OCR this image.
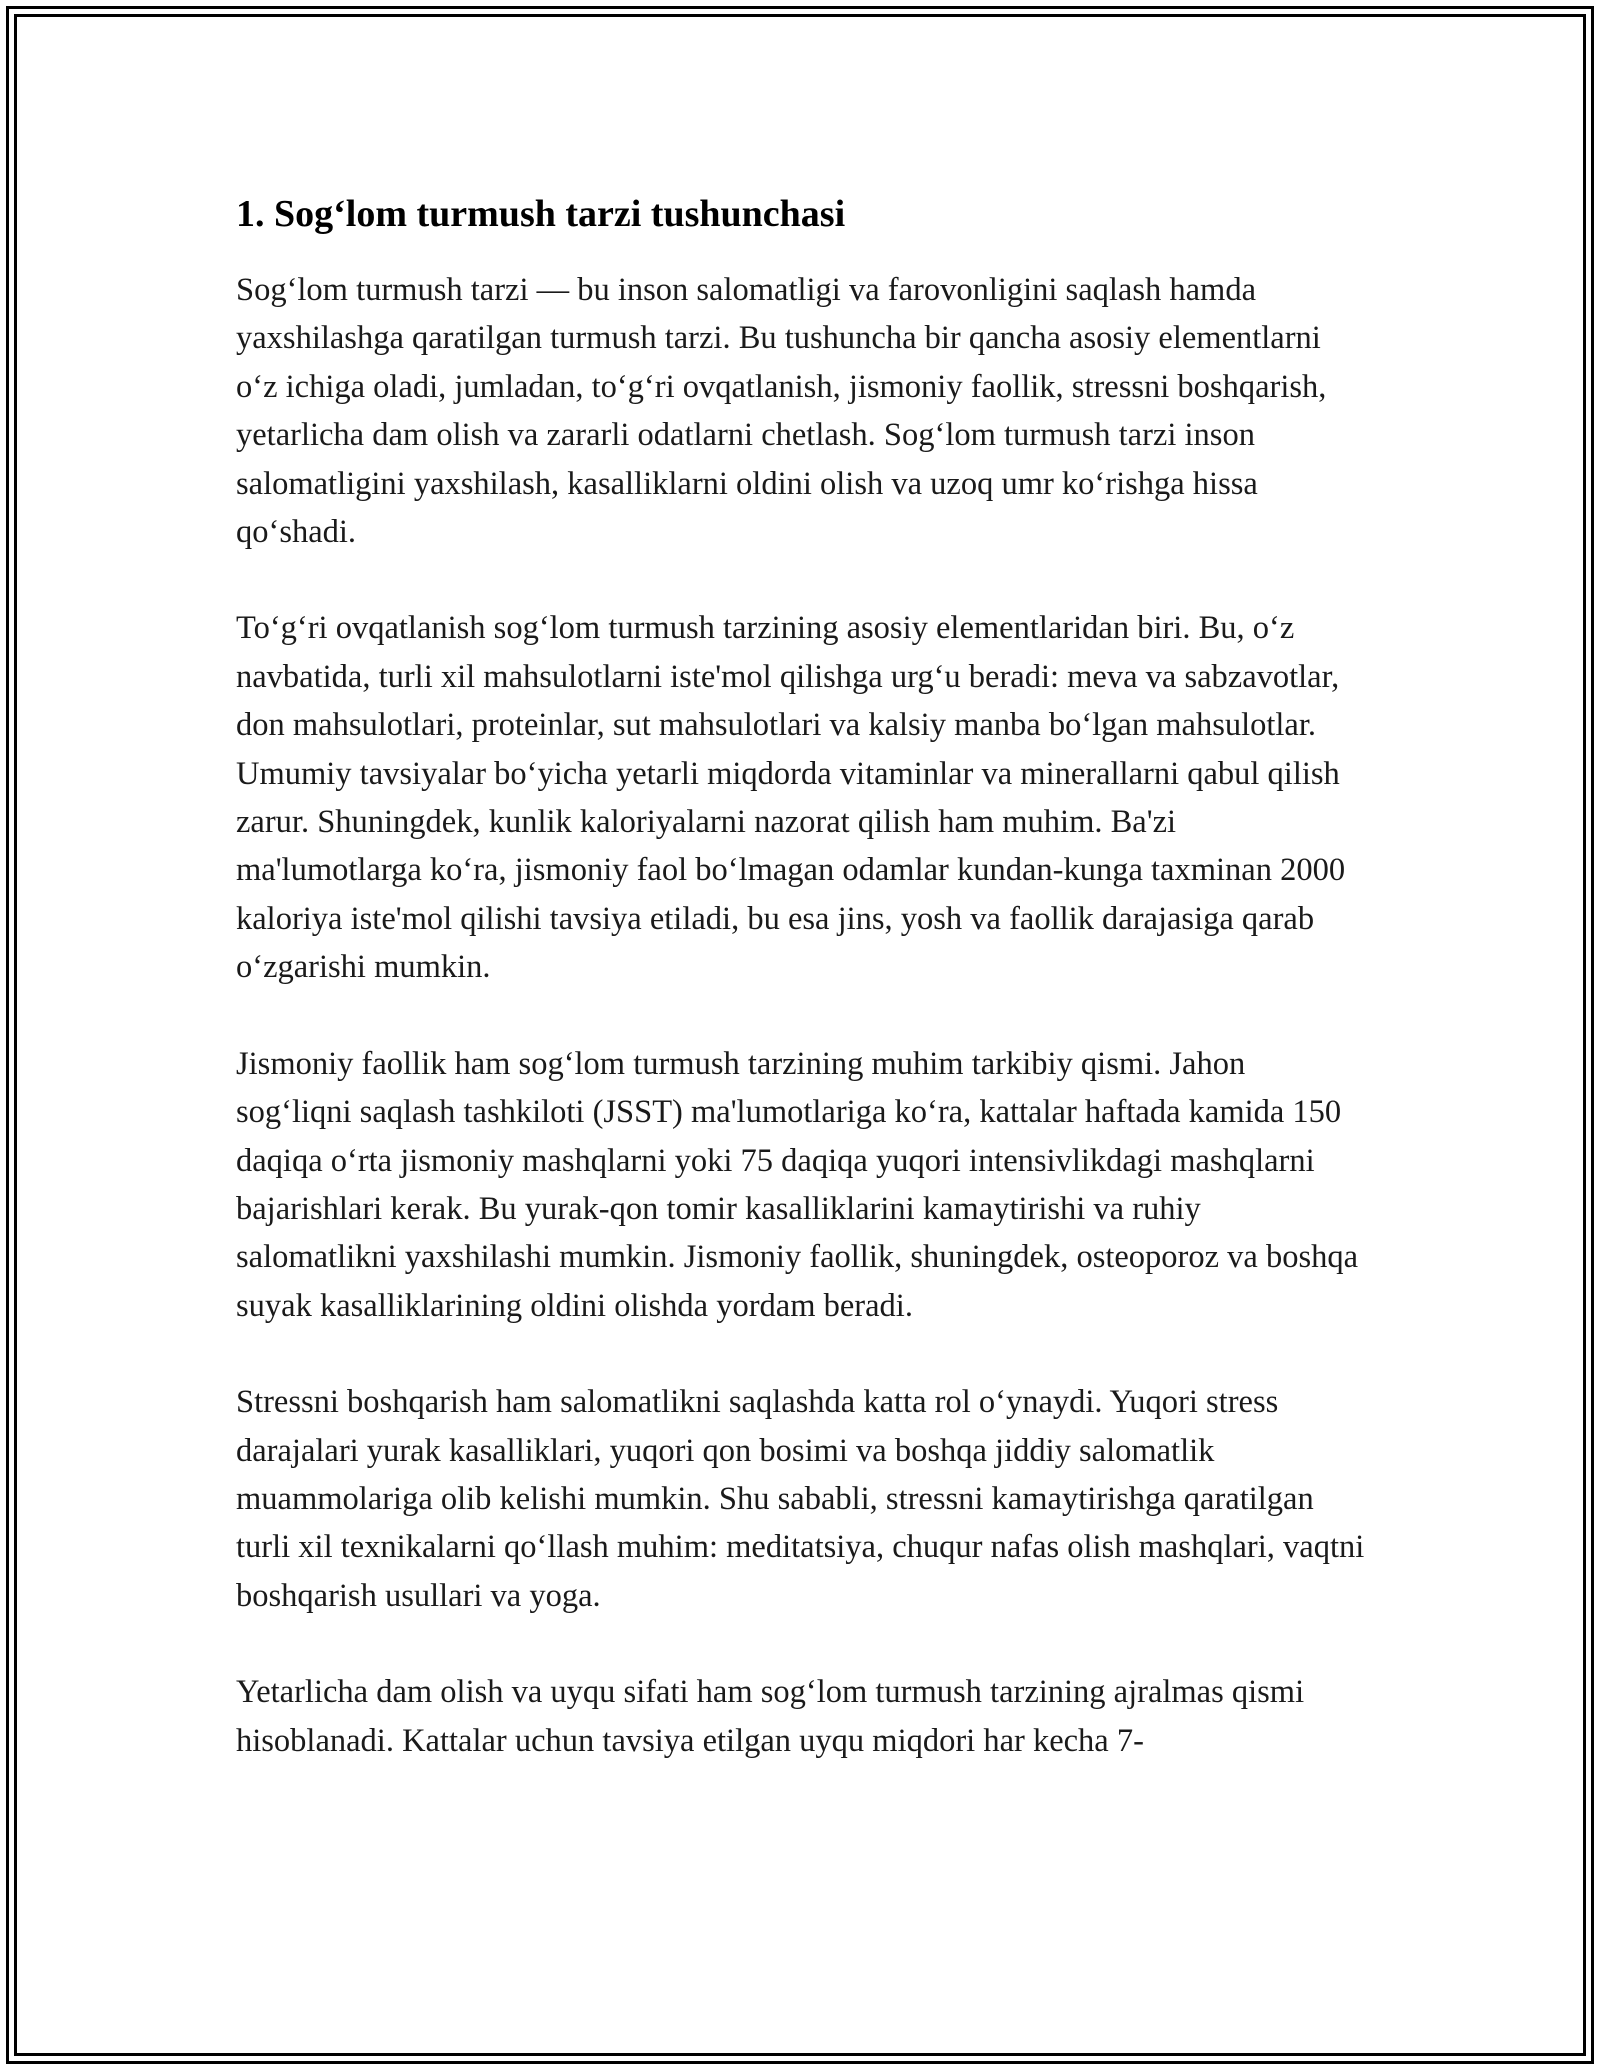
1. Sog‘lom turmush tarzi tushunchasi

Sog‘lom turmush tarzi — bu inson salomatligi va farovonligini saqlash hamda yaxshilashga qaratilgan turmush tarzi. Bu tushuncha bir qancha asosiy elementlarni o‘z ichiga oladi, jumladan, to‘g‘ri ovqatlanish, jismoniy faollik, stressni boshqarish, yetarlicha dam olish va zararli odatlarni chetlash. Sog‘lom turmush tarzi inson salomatligini yaxshilash, kasalliklarni oldini olish va uzoq umr ko‘rishga hissa qo‘shadi.

To‘g‘ri ovqatlanish sog‘lom turmush tarzining asosiy elementlaridan biri. Bu, o‘z navbatida, turli xil mahsulotlarni iste'mol qilishga urg‘u beradi: meva va sabzavotlar, don mahsulotlari, proteinlar, sut mahsulotlari va kalsiy manba bo‘lgan mahsulotlar. Umumiy tavsiyalar bo‘yicha yetarli miqdorda vitaminlar va minerallarni qabul qilish zarur. Shuningdek, kunlik kaloriyalarni nazorat qilish ham muhim. Ba'zi ma'lumotlarga ko‘ra, jismoniy faol bo‘lmagan odamlar kundan-kunga taxminan 2000 kaloriya iste'mol qilishi tavsiya etiladi, bu esa jins, yosh va faollik darajasiga qarab o‘zgarishi mumkin.

Jismoniy faollik ham sog‘lom turmush tarzining muhim tarkibiy qismi. Jahon sog‘liqni saqlash tashkiloti (JSST) ma'lumotlariga ko‘ra, kattalar haftada kamida 150 daqiqa o‘rta jismoniy mashqlarni yoki 75 daqiqa yuqori intensivlikdagi mashqlarni bajarishlari kerak. Bu yurak-qon tomir kasalliklarini kamaytirishi va ruhiy salomatlikni yaxshilashi mumkin. Jismoniy faollik, shuningdek, osteoporoz va boshqa suyak kasalliklarining oldini olishda yordam beradi.

Stressni boshqarish ham salomatlikni saqlashda katta rol o‘ynaydi. Yuqori stress darajalari yurak kasalliklari, yuqori qon bosimi va boshqa jiddiy salomatlik muammolariga olib kelishi mumkin. Shu sababli, stressni kamaytirishga qaratilgan turli xil texnikalarni qo‘llash muhim: meditatsiya, chuqur nafas olish mashqlari, vaqtni boshqarish usullari va yoga.

Yetarlicha dam olish va uyqu sifati ham sog‘lom turmush tarzining ajralmas qismi hisoblanadi. Kattalar uchun tavsiya etilgan uyqu miqdori har kecha 7-
